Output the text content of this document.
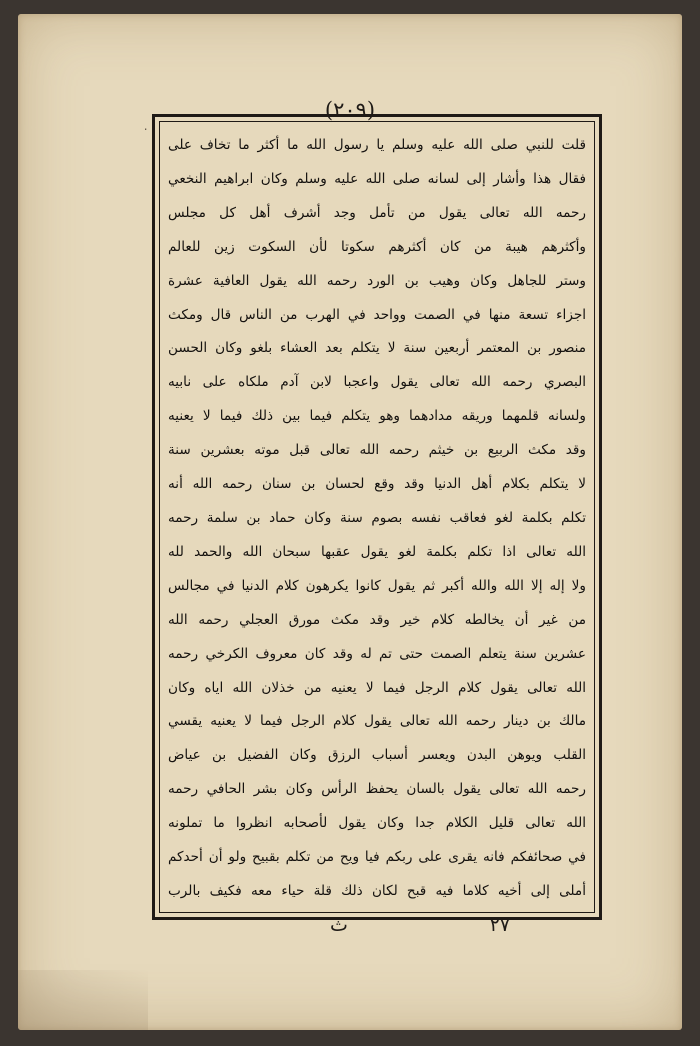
(٢٠٩)
٠
قلت للنبي صلى الله عليه وسلم يا رسول الله ما أكثر ما تخاف على
فقال هذا وأشار إلى لسانه صلى الله عليه وسلم وكان ابراهيم النخعي
رحمه الله تعالى يقول من تأمل وجد أشرف أهل كل مجلس
وأكثرهم هيبة من كان أكثرهم سكوتا لأن السكوت زين للعالم
وستر للجاهل وكان وهيب بن الورد رحمه الله يقول العافية عشرة
اجزاء تسعة منها في الصمت وواحد في الهرب من الناس قال ومكث
منصور بن المعتمر أربعين سنة لا يتكلم بعد العشاء بلغو وكان الحسن
البصري رحمه الله تعالى يقول واعجبا لابن آدم ملكاه على نابيه
ولسانه قلمهما وريقه مدادهما وهو يتكلم فيما بين ذلك فيما لا يعنيه
وقد مكث الربيع بن خيثم رحمه الله تعالى قبل موته بعشرين سنة
لا يتكلم بكلام أهل الدنيا وقد وقع لحسان بن سنان رحمه الله أنه
تكلم بكلمة لغو فعاقب نفسه بصوم سنة وكان حماد بن سلمة رحمه
الله تعالى اذا تكلم بكلمة لغو يقول عقبها سبحان الله والحمد لله
ولا إله إلا الله والله أكبر ثم يقول كانوا يكرهون كلام الدنيا في مجالس
من غير أن يخالطه كلام خير وقد مكث مورق العجلي رحمه الله
عشرين سنة يتعلم الصمت حتى تم له وقد كان معروف الكرخي رحمه
الله تعالى يقول كلام الرجل فيما لا يعنيه من خذلان الله اياه وكان
مالك بن دينار رحمه الله تعالى يقول كلام الرجل فيما لا يعنيه يقسي
القلب ويوهن البدن ويعسر أسباب الرزق وكان الفضيل بن عياض
رحمه الله تعالى يقول بالسان يحفظ الرأس وكان بشر الحافي رحمه
الله تعالى قليل الكلام جدا وكان يقول لأصحابه انظروا ما تملونه
في صحائفكم فانه يقرى على ربكم فيا ويح من تكلم بقبيح ولو أن أحدكم
أملى إلى أخيه كلاما فيه قبح لكان ذلك قلة حياء معه فكيف بالرب
٢٧
ث
